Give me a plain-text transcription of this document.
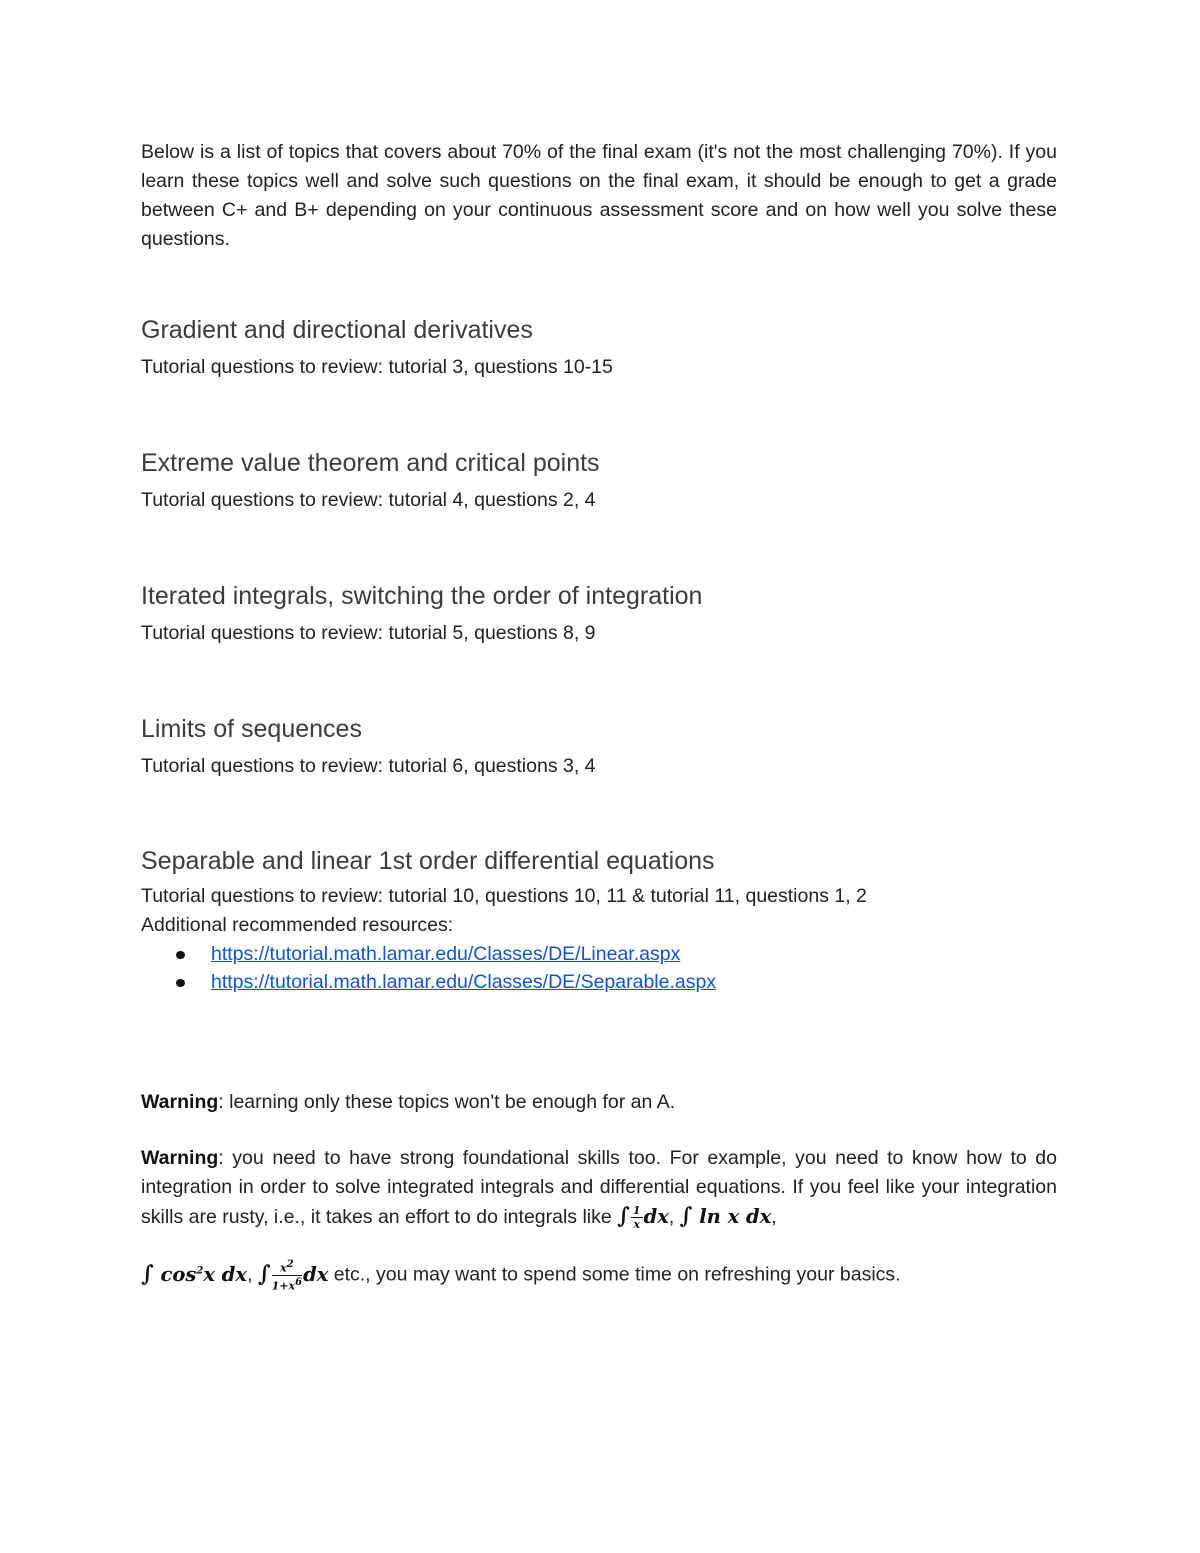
Below is a list of topics that covers about 70% of the final exam (it's not the most challenging 70%). If you learn these topics well and solve such questions on the final exam, it should be enough to get a grade between C+ and B+ depending on your continuous assessment score and on how well you solve these questions.

Gradient and directional derivatives

Tutorial questions to review: tutorial 3, questions 10-15

Extreme value theorem and critical points

Tutorial questions to review: tutorial 4, questions 2, 4

Iterated integrals, switching the order of integration

Tutorial questions to review: tutorial 5, questions 8, 9

Limits of sequences

Tutorial questions to review: tutorial 6, questions 3, 4

Separable and linear 1st order differential equations

Tutorial questions to review: tutorial 10, questions 10, 11 & tutorial 11, questions 1, 2

Additional recommended resources:

https://tutorial.math.lamar.edu/Classes/DE/Linear.aspx
https://tutorial.math.lamar.edu/Classes/DE/Separable.aspx

Warning: learning only these topics won't be enough for an A.

Warning: you need to have strong foundational skills too. For example, you need to know how to do integration in order to solve integrated integrals and differential equations. If you feel like your integration skills are rusty, i.e., it takes an effort to do integrals like ∫ $\frac{1}{x}$ dx, ∫ ln x dx,

∫ $\cos^2x$ dx, ∫ $\frac{x^2}{1+x^6}$ dx etc., you may want to spend some time on refreshing your basics.
